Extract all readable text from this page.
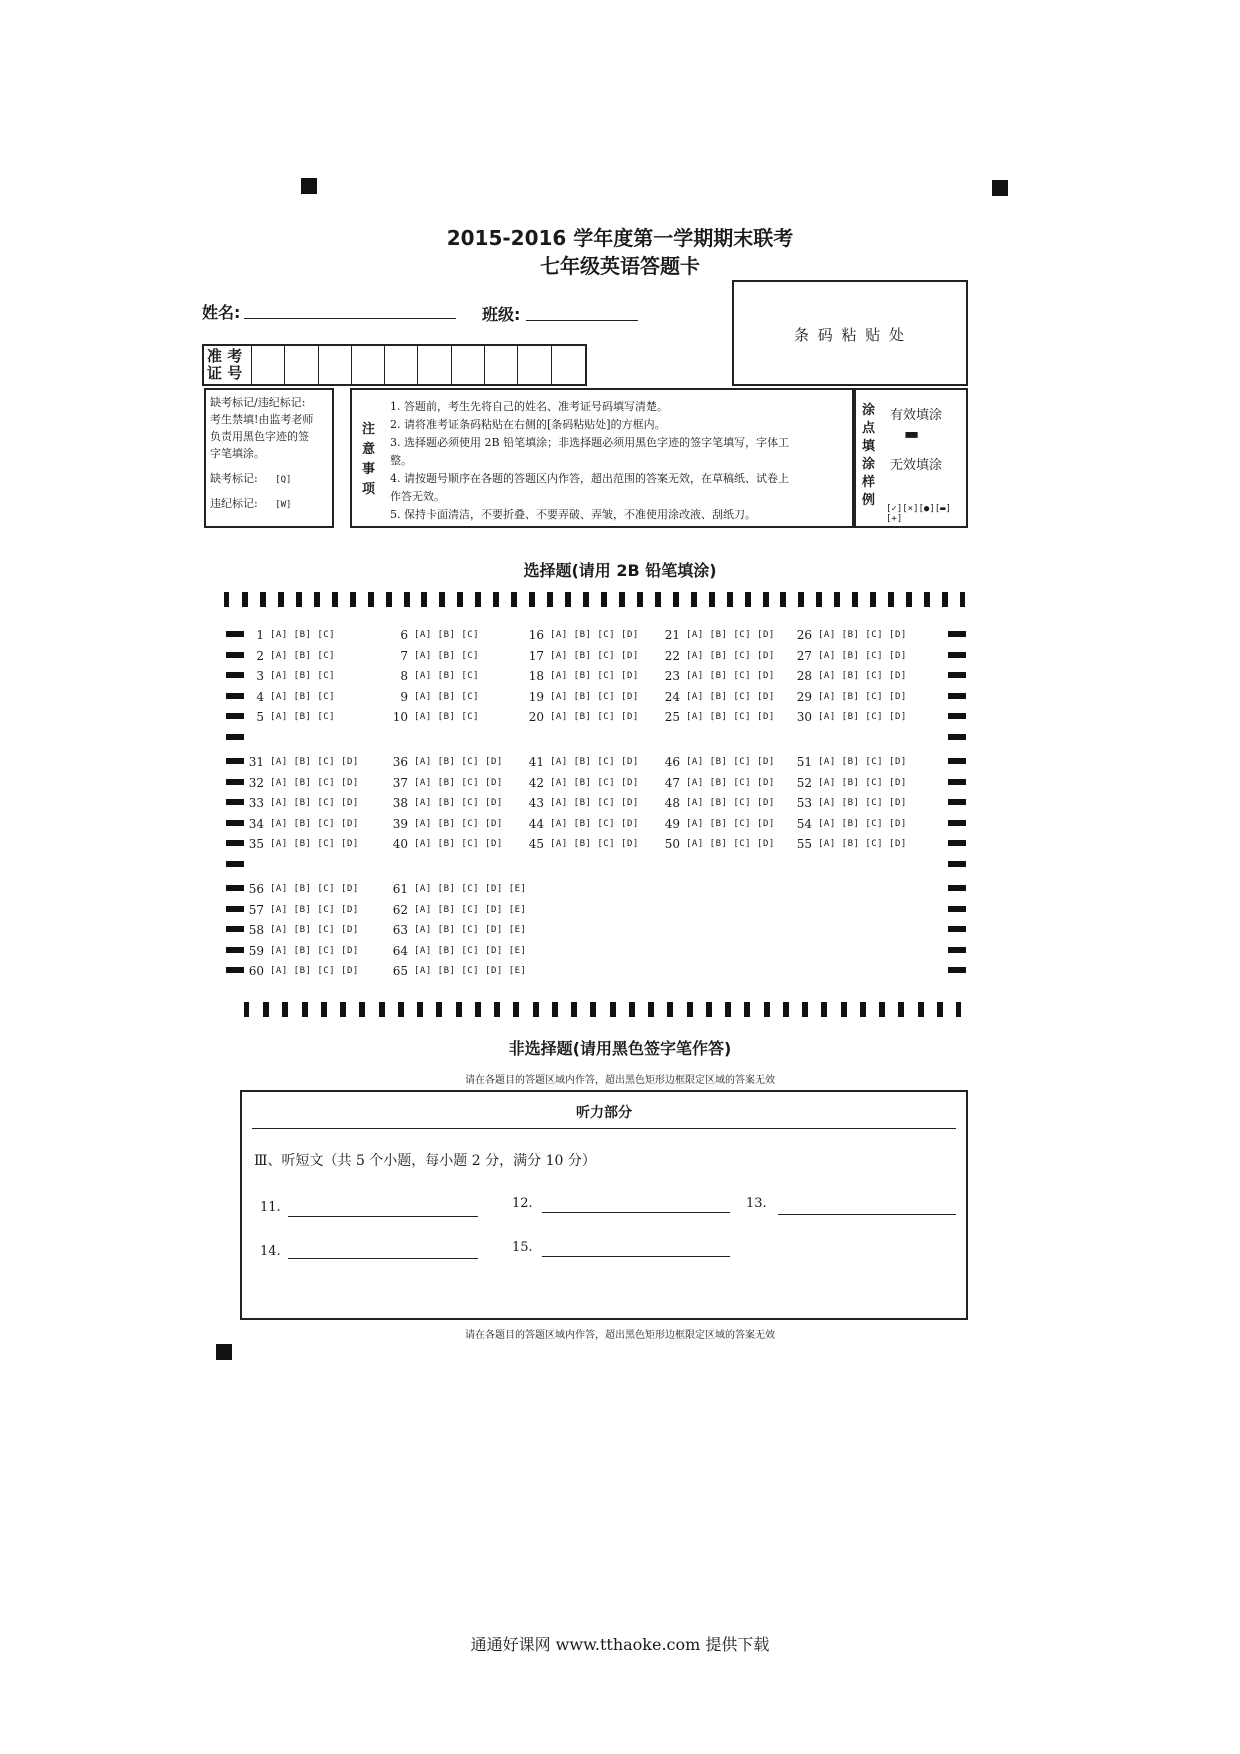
2015-2016 学年度第一学期期末联考
七年级英语答题卡
姓名:	班级:
准 考
证 号
条 码 粘 贴 处
缺考标记/违纪标记:
考生禁填!由监考老师
负责用黑色字迹的签
字笔填涂。
缺考标记: [Q]
违纪标记: [W]
注意事项

1. 答题前，考生先将自己的姓名、准考证号码填写清楚。

2. 请将准考证条码粘贴在右侧的[条码粘贴处]的方框内。

3. 选择题必须使用 2B 铅笔填涂；非选择题必须用黑色字迹的签字笔填写，字体工

整。

4. 请按题号顺序在各题的答题区内作答，超出范围的答案无效，在草稿纸、试卷上

作答无效。

5. 保持卡面清洁，不要折叠、不要弄破、弄皱，不准使用涂改液、刮纸刀。

涂点填涂样例
有效填涂
▬
无效填涂
[✓][×][●][▬][+]
选择题(请用 2B 铅笔填涂)
1 [A] [B] [C]
2 [A] [B] [C]
3 [A] [B] [C]
4 [A] [B] [C]
5 [A] [B] [C]
6 [A] [B] [C]
7 [A] [B] [C]
8 [A] [B] [C]
9 [A] [B] [C]
10 [A] [B] [C]
16 [A] [B] [C] [D]
17 [A] [B] [C] [D]
18 [A] [B] [C] [D]
19 [A] [B] [C] [D]
20 [A] [B] [C] [D]
21 [A] [B] [C] [D]
22 [A] [B] [C] [D]
23 [A] [B] [C] [D]
24 [A] [B] [C] [D]
25 [A] [B] [C] [D]
26 [A] [B] [C] [D]
27 [A] [B] [C] [D]
28 [A] [B] [C] [D]
29 [A] [B] [C] [D]
30 [A] [B] [C] [D]
31 [A] [B] [C] [D]
32 [A] [B] [C] [D]
33 [A] [B] [C] [D]
34 [A] [B] [C] [D]
35 [A] [B] [C] [D]
36 [A] [B] [C] [D]
37 [A] [B] [C] [D]
38 [A] [B] [C] [D]
39 [A] [B] [C] [D]
40 [A] [B] [C] [D]
41 [A] [B] [C] [D]
42 [A] [B] [C] [D]
43 [A] [B] [C] [D]
44 [A] [B] [C] [D]
45 [A] [B] [C] [D]
46 [A] [B] [C] [D]
47 [A] [B] [C] [D]
48 [A] [B] [C] [D]
49 [A] [B] [C] [D]
50 [A] [B] [C] [D]
51 [A] [B] [C] [D]
52 [A] [B] [C] [D]
53 [A] [B] [C] [D]
54 [A] [B] [C] [D]
55 [A] [B] [C] [D]
56 [A] [B] [C] [D]
57 [A] [B] [C] [D]
58 [A] [B] [C] [D]
59 [A] [B] [C] [D]
60 [A] [B] [C] [D]
61 [A] [B] [C] [D] [E]
62 [A] [B] [C] [D] [E]
63 [A] [B] [C] [D] [E]
64 [A] [B] [C] [D] [E]
65 [A] [B] [C] [D] [E]
非选择题(请用黑色签字笔作答)
请在各题目的答题区域内作答，超出黑色矩形边框限定区域的答案无效
听力部分
Ⅲ、听短文（共 5 个小题，每小题 2 分，满分 10 分）
11.	12.	13.
14.	15.
请在各题目的答题区域内作答，超出黑色矩形边框限定区域的答案无效
通通好课网 www.tthaoke.com 提供下载
